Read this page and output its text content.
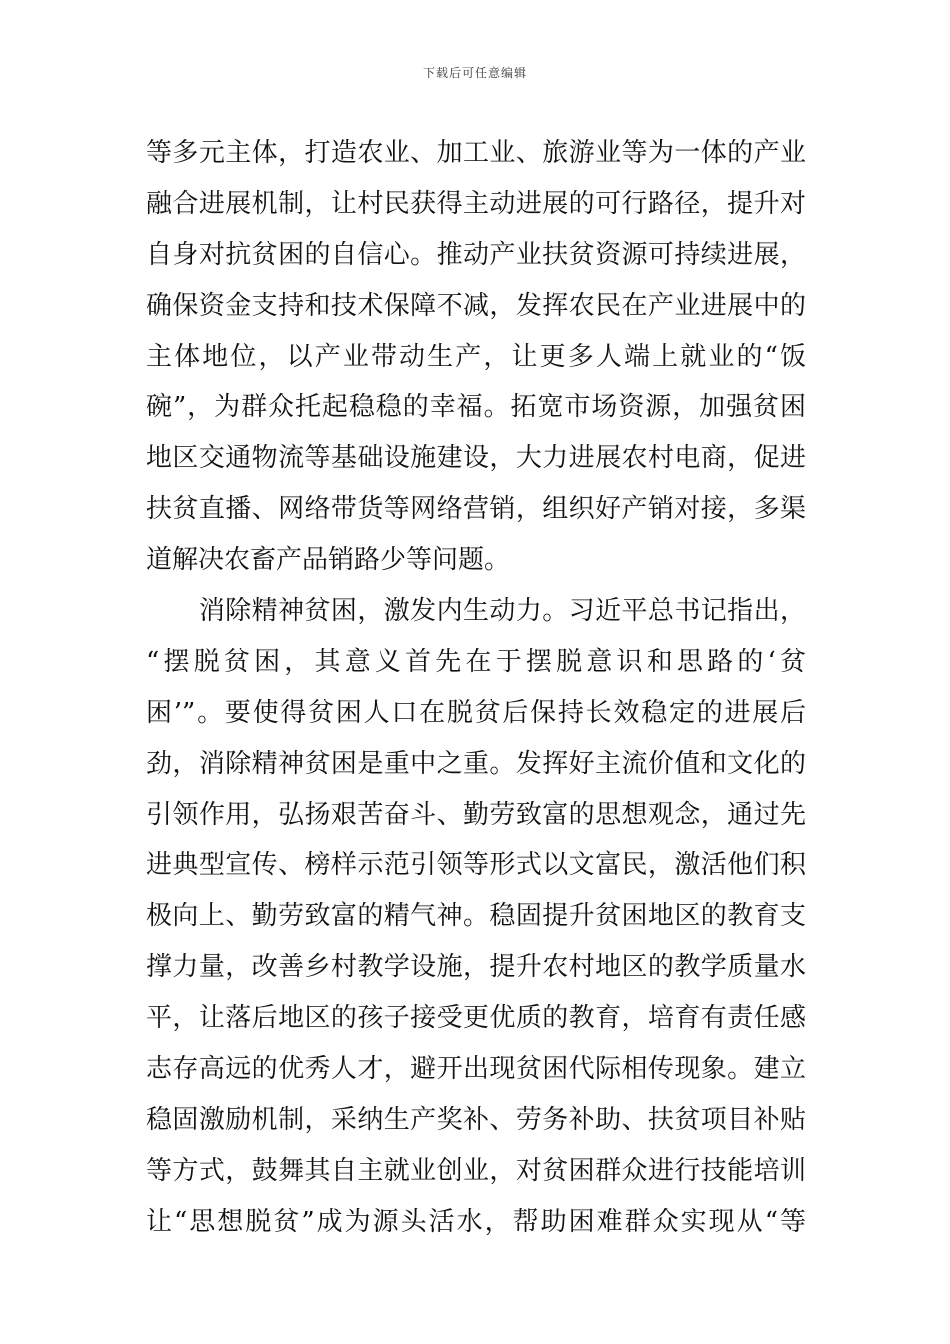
下载后可任意编辑
等多元主体，打造农业、加工业、旅游业等为一体的产业
融合进展机制，让村民获得主动进展的可行路径，提升对
自身对抗贫困的自信心。推动产业扶贫资源可持续进展，
确保资金支持和技术保障不减，发挥农民在产业进展中的
主体地位，以产业带动生产，让更多人端上就业的“饭
碗”，为群众托起稳稳的幸福。拓宽市场资源，加强贫困
地区交通物流等基础设施建设，大力进展农村电商，促进
扶贫直播、网络带货等网络营销，组织好产销对接，多渠
道解决农畜产品销路少等问题。
　　消除精神贫困，激发内生动力。习近平总书记指出，
“摆脱贫困，其意义首先在于摆脱意识和思路的‘贫
困’”。要使得贫困人口在脱贫后保持长效稳定的进展后
劲，消除精神贫困是重中之重。发挥好主流价值和文化的
引领作用，弘扬艰苦奋斗、勤劳致富的思想观念，通过先
进典型宣传、榜样示范引领等形式以文富民，激活他们积
极向上、勤劳致富的精气神。稳固提升贫困地区的教育支
撑力量，改善乡村教学设施，提升农村地区的教学质量水
平，让落后地区的孩子接受更优质的教育，培育有责任感
志存高远的优秀人才，避开出现贫困代际相传现象。建立
稳固激励机制，采纳生产奖补、劳务补助、扶贫项目补贴
等方式，鼓舞其自主就业创业，对贫困群众进行技能培训
让“思想脱贫”成为源头活水，帮助困难群众实现从“等
